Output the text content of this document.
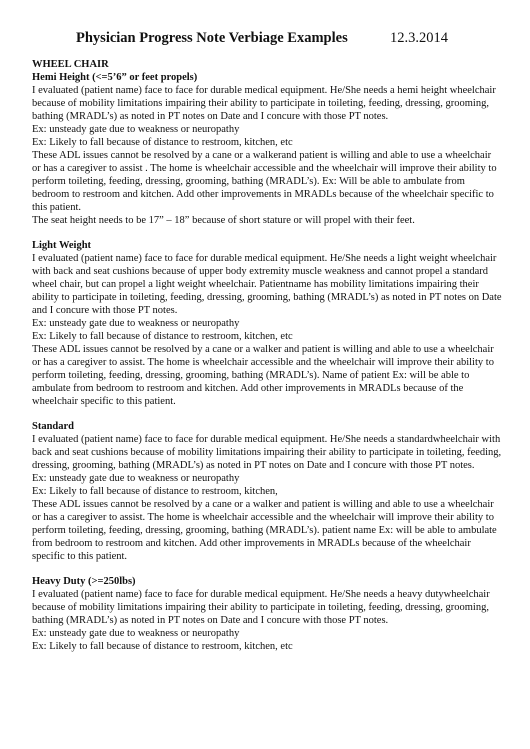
Physician Progress Note Verbiage Examples	12.3.2014

WHEEL CHAIR

Hemi Height (<=5’6” or feet propels)

I evaluated (patient name) face to face for durable medical equipment. He/She needs a hemi height wheelchair because of mobility limitations impairing their ability to participate in toileting, feeding, dressing, grooming, bathing (MRADL’s) as noted in PT notes on Date and I concure with those PT notes.

Ex: unsteady gate due to weakness or neuropathy

Ex: Likely to fall because of distance to restroom, kitchen, etc

These ADL issues cannot be resolved by a cane or a walkerand patient is willing and able to use a wheelchair or has a caregiver to assist . The home is wheelchair accessible and the wheelchair will improve their ability to perform toileting, feeding, dressing, grooming, bathing (MRADL’s). Ex: Will be able to ambulate from bedroom to restroom and kitchen. Add other improvements in MRADLs because of the wheelchair specific to this patient.

The seat height needs to be 17” – 18” because of short stature or will propel with their feet.

Light Weight

I evaluated (patient name) face to face for durable medical equipment. He/She needs a light weight wheelchair with back and seat cushions because of upper body extremity muscle weakness and cannot propel a standard wheel chair, but can propel a light weight wheelchair. Patientname has mobility limitations impairing their ability to participate in toileting, feeding, dressing, grooming, bathing (MRADL’s) as noted in PT notes on Date and I concure with those PT notes.

Ex: unsteady gate due to weakness or neuropathy

Ex: Likely to fall because of distance to restroom, kitchen, etc

These ADL issues cannot be resolved by a cane or a walker and patient is willing and able to use a wheelchair or has a caregiver to assist. The home is wheelchair accessible and the wheelchair will improve their ability to perform toileting, feeding, dressing, grooming, bathing (MRADL’s). Name of patient Ex: will be able to ambulate from bedroom to restroom and kitchen. Add other improvements in MRADLs because of the wheelchair specific to this patient.

Standard

I evaluated (patient name) face to face for durable medical equipment. He/She needs a standardwheelchair with back and seat cushions because of mobility limitations impairing their ability to participate in toileting, feeding, dressing, grooming, bathing (MRADL’s) as noted in PT notes on Date and I concure with those PT notes.

Ex: unsteady gate due to weakness or neuropathy

Ex: Likely to fall because of distance to restroom, kitchen,

These ADL issues cannot be resolved by a cane or a walker and patient is willing and able to use a wheelchair or has a caregiver to assist. The home is wheelchair accessible and the wheelchair will improve their ability to perform toileting, feeding, dressing, grooming, bathing (MRADL’s). patient name Ex: will be able to ambulate from bedroom to restroom and kitchen. Add other improvements in MRADLs because of the wheelchair specific to this patient.

Heavy Duty (>=250lbs)

I evaluated (patient name) face to face for durable medical equipment. He/She needs a heavy dutywheelchair because of mobility limitations impairing their ability to participate in toileting, feeding, dressing, grooming, bathing (MRADL’s) as noted in PT notes on Date and I concure with those PT notes.

Ex: unsteady gate due to weakness or neuropathy

Ex: Likely to fall because of distance to restroom, kitchen, etc
